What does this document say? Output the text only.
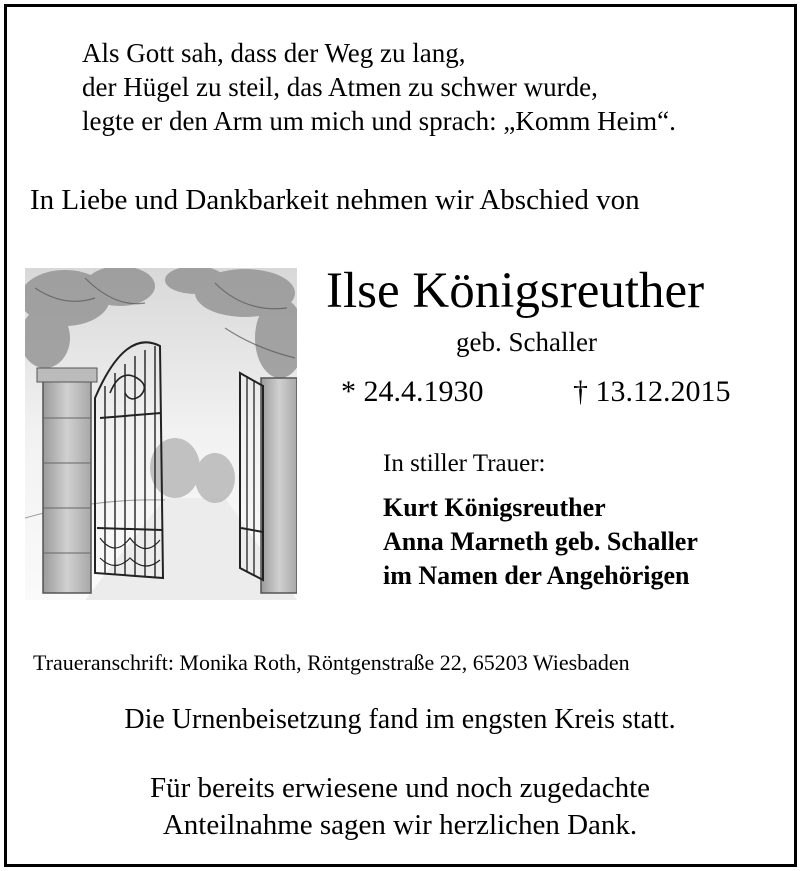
Als Gott sah, dass der Weg zu lang,
der Hügel zu steil, das Atmen zu schwer wurde,
legte er den Arm um mich und sprach: „Komm Heim“.
In Liebe und Dankbarkeit nehmen wir Abschied von
Ilse Königsreuther
geb. Schaller
* 24.4.1930	† 13.12.2015
In stiller Trauer:
Kurt Königsreuther
Anna Marneth geb. Schaller
im Namen der Angehörigen
Traueranschrift: Monika Roth, Röntgenstraße 22, 65203 Wiesbaden
Die Urnenbeisetzung fand im engsten Kreis statt.
Für bereits erwiesene und noch zugedachte
Anteilnahme sagen wir herzlichen Dank.
